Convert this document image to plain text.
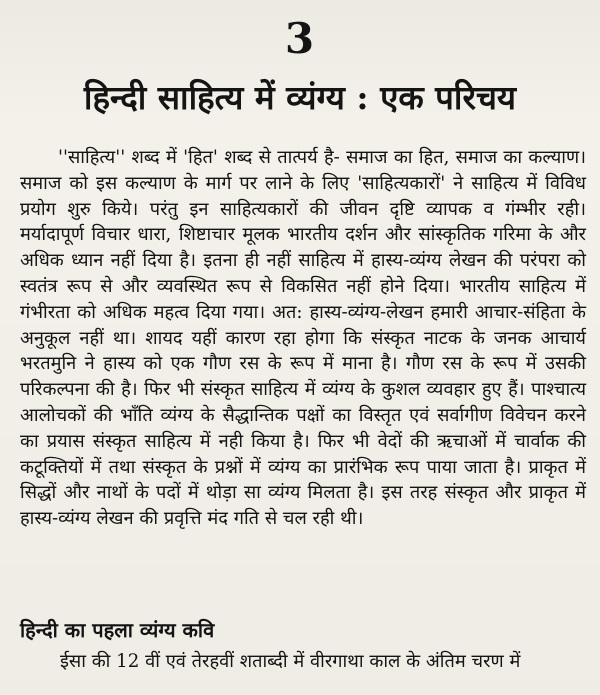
3
हिन्दी साहित्य में व्यंग्य : एक परिचय

''साहित्य'' शब्द में 'हित' शब्द से तात्पर्य है- समाज का हित, समाज का कल्याण। समाज को इस कल्याण के मार्ग पर लाने के लिए 'साहित्यकारों' ने साहित्य में विविध प्रयोग शुरु किये। परंतु इन साहित्यकारों की जीवन दृष्टि व्यापक व गंम्भीर रही। मर्यादापूर्ण विचार धारा, शिष्टाचार मूलक भारतीय दर्शन और सांस्कृतिक गरिमा के और अधिक ध्यान नहीं दिया है। इतना ही नहीं साहित्य में हास्य-व्यंग्य लेखन की परंपरा को स्वतंत्र रूप से और व्यवस्थित रूप से विकसित नहीं होने दिया। भारतीय साहित्य में गंभीरता को अधिक महत्व दिया गया। अत: हास्य-व्यंग्य-लेखन हमारी आचार-संहिता के अनुकूल नहीं था। शायद यहीं कारण रहा होगा कि संस्कृत नाटक के जनक आचार्य भरतमुनि ने हास्य को एक गौण रस के रूप में माना है। गौण रस के रूप में उसकी परिकल्पना की है। फिर भी संस्कृत साहित्य में व्यंग्य के कुशल व्यवहार हुए हैं। पाश्चात्य आलोचकों की भाँति व्यंग्य के सैद्धान्तिक पक्षों का विस्तृत एवं सर्वागीण विवेचन करने का प्रयास संस्कृत साहित्य में नही किया है। फिर भी वेदों की ऋचाओं में चार्वाक की कटूक्तियों में तथा संस्कृत के प्रश्नों में व्यंग्य का प्रारंभिक रूप पाया जाता है। प्राकृत में सिद्धों और नाथों के पदों में थोड़ा सा व्यंग्य मिलता है। इस तरह संस्कृत और प्राकृत में हास्य-व्यंग्य लेखन की प्रवृत्ति मंद गति से चल रही थी।

हिन्दी का पहला व्यंग्य कवि
ईसा की 12 वीं एवं तेरहवीं शताब्दी में वीरगाथा काल के अंतिम चरण में
